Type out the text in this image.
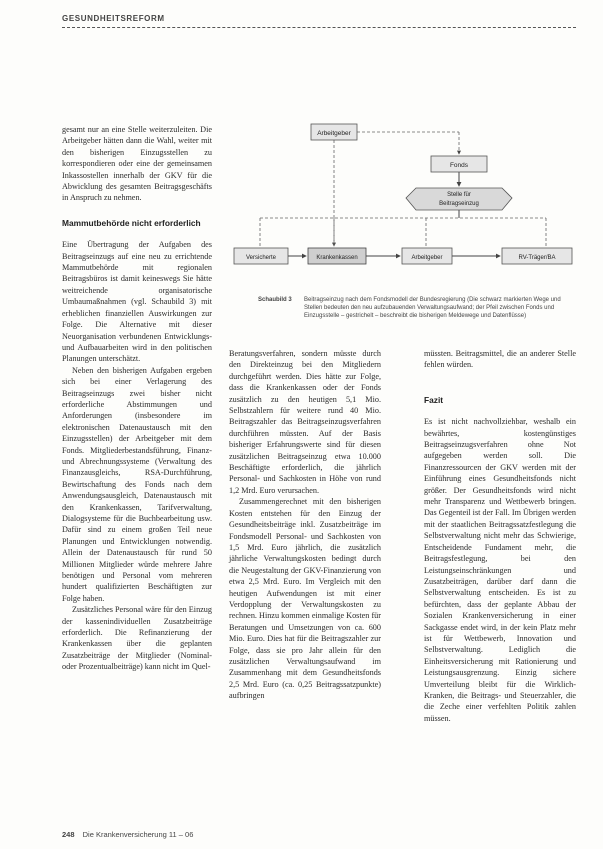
GESUNDHEITSREFORM

gesamt nur an eine Stelle weiterzuleiten. Die Arbeitgeber hätten dann die Wahl, weiter mit den bisherigen Einzugsstellen zu korrespondieren oder eine der gemeinsamen Inkassostellen innerhalb der GKV für die Abwicklung des gesamten Beitragsgeschäfts in Anspruch zu nehmen.

Mammutbehörde nicht erforderlich

Eine Übertragung der Aufgaben des Beitragseinzugs auf eine neu zu errichtende Mammutbehörde mit regionalen Beitragsbüros ist damit keineswegs Sie hätte weitreichende organisatorische Umbaumaßnahmen (vgl. Schaubild 3) mit erheblichen finanziellen Auswirkungen zur Folge. Die Alternative mit dieser Neuorganisation verbundenen Entwicklungs- und Aufbauarbeiten wird in den politischen Planungen unterschätzt.

Neben den bisherigen Aufgaben ergeben sich bei einer Verlagerung des Beitragseinzugs zwei bisher nicht erforderliche Abstimmungen und Anforderungen (insbesondere im elektronischen Datenaustausch mit den Einzugsstellen) der Arbeitgeber mit dem Fonds. Mitgliederbestandsführung, Finanz- und Abrechnungssysteme (Verwaltung des Finanzausgleichs, RSA-Durchführung, Bewirtschaftung des Fonds nach dem Anwendungsausgleich, Datenaustausch mit den Krankenkassen, Tarifverwaltung, Dialogsysteme für die Buchbearbeitung usw. Dafür sind zu einem großen Teil neue Planungen und Entwicklungen notwendig. Allein der Datenaustausch für rund 50 Millionen Mitglieder würde mehrere Jahre benötigen und Personal vom mehreren hundert qualifizierten Beschäftigten zur Folge haben.

Zusätzliches Personal wäre für den Einzug der kassenindividuellen Zusatzbeiträge erforderlich. Die Refinanzierung der Krankenkassen über die geplanten Zusatzbeiträge der Mitglieder (Nominal- oder Prozentualbeiträge) kann nicht im Quel-

Arbeitgeber
Fonds
Stelle für
Beitragseinzug
Versicherte	Krankenkassen	Arbeitgeber	RV-Träger/BA
Schaubild 3 Beitragseinzug nach dem Fondsmodell der Bundesregierung (Die schwarz markierten Wege und Stellen bedeuten den neu aufzubauenden Verwaltungsaufwand; der Pfeil zwischen Fonds und Einzugsstelle – gestrichelt – beschreibt die bisherigen Meldewege und Datenflüsse)

Beratungsverfahren, sondern müsste durch den Direkteinzug bei den Mitgliedern durchgeführt werden. Dies hätte zur Folge, dass die Krankenkassen oder der Fonds zusätzlich zu den heutigen 5,1 Mio. Selbstzahlern für weitere rund 40 Mio. Beitragszahler das Beitragseinzugsverfahren durchführen müssten. Auf der Basis bisheriger Erfahrungswerte sind für diesen zusätzlichen Beitragseinzug etwa 10.000 Beschäftigte erforderlich, die jährlich Personal- und Sachkosten in Höhe von rund 1,2 Mrd. Euro verursachen.

Zusammengerechnet mit den bisherigen Kosten entstehen für den Einzug der Gesundheitsbeiträge inkl. Zusatzbeiträge im Fondsmodell Personal- und Sachkosten von 1,5 Mrd. Euro jährlich, die zusätzlich jährliche Verwaltungskosten bedingt durch die Neugestaltung der GKV-Finanzierung von etwa 2,5 Mrd. Euro. Im Vergleich mit den heutigen Aufwendungen ist mit einer Verdopplung der Verwaltungskosten zu rechnen. Hinzu kommen einmalige Kosten für Beratungen und Umsetzungen von ca. 600 Mio. Euro. Dies hat für die Beitragszahler zur Folge, dass sie pro Jahr allein für den zusätzlichen Verwaltungsaufwand im Zusammenhang mit dem Gesundheitsfonds 2,5 Mrd. Euro (ca. 0,25 Beitragssatzpunkte) aufbringen

müssten. Beitragsmittel, die an anderer Stelle fehlen würden.

Fazit

Es ist nicht nachvollziehbar, weshalb ein bewährtes, kostengünstiges Beitragseinzugsverfahren ohne Not aufgegeben werden soll. Die Finanzressourcen der GKV werden mit der Einführung eines Gesundheitsfonds nicht größer. Der Gesundheitsfonds wird nicht mehr Transparenz und Wettbewerb bringen. Das Gegenteil ist der Fall. Im Übrigen werden mit der staatlichen Beitragssatzfestlegung die Selbstverwaltung nicht mehr das Schwierige, Entscheidende Fundament mehr, die Beitragsfestlegung, bei den Leistungseinschränkungen und Zusatzbeiträgen, darüber darf dann die Selbstverwaltung entscheiden. Es ist zu befürchten, dass der geplante Abbau der Sozialen Krankenversicherung in einer Sackgasse endet wird, in der kein Platz mehr ist für Wettbewerb, Innovation und Selbstverwaltung. Lediglich die Einheitsversicherung mit Rationierung und Leistungsausgrenzung. Einzig sichere Umverteilung bleibt für die Wirklich-Kranken, die Beitrags- und Steuerzahler, die die Zeche einer verfehlten Politik zahlen müssen.

248 Die Krankenversicherung 11 – 06
